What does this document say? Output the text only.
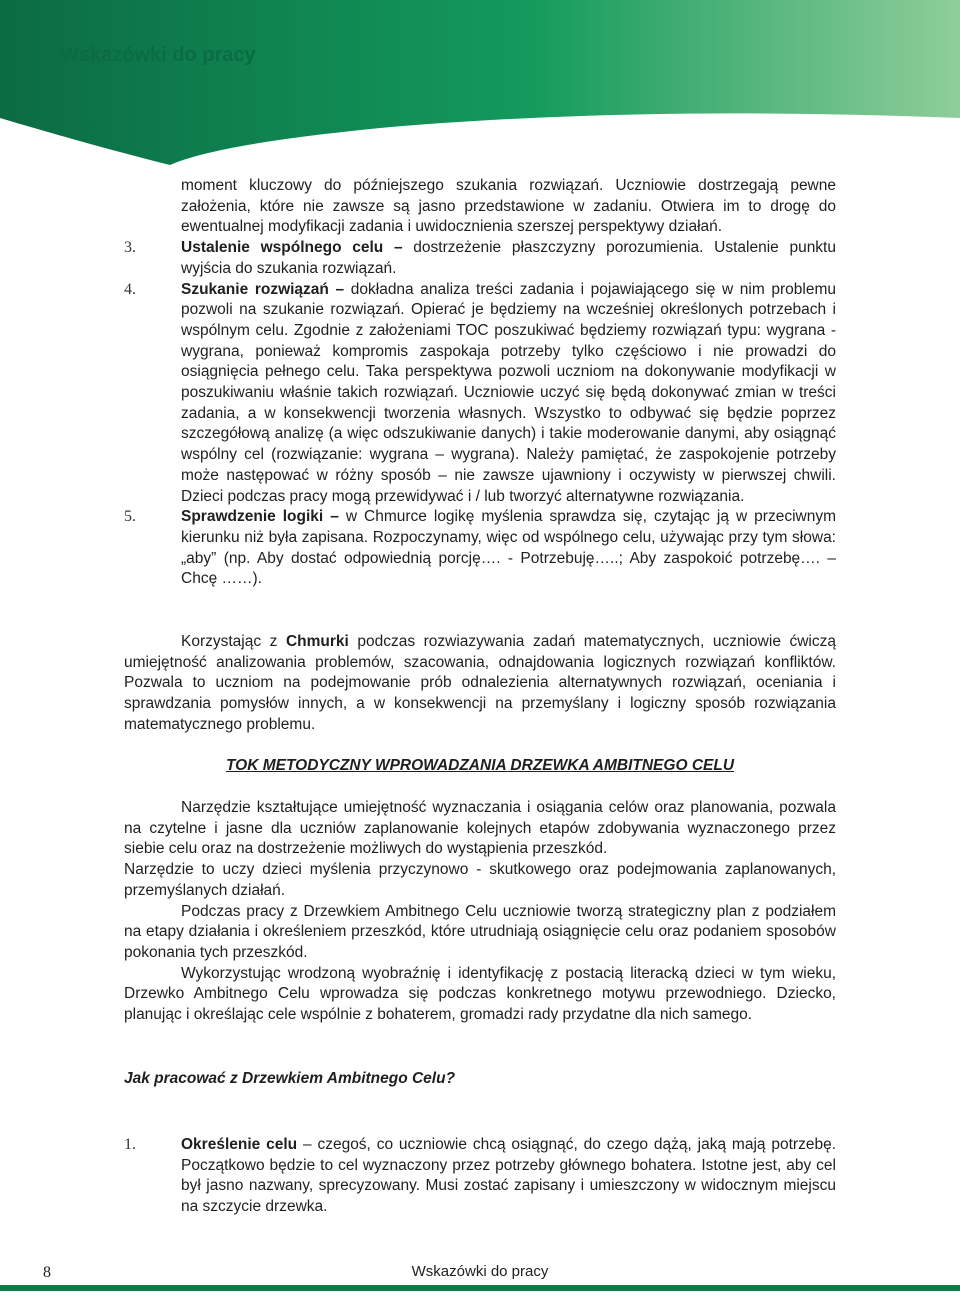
Wskazówki do pracy
moment kluczowy do późniejszego szukania rozwiązań. Uczniowie dostrzegają pewne założenia, które nie zawsze są jasno przedstawione w zadaniu. Otwiera im to drogę do ewentualnej modyfikacji zadania i uwidocznienia szerszej perspektywy działań.
3.	Ustalenie wspólnego celu – dostrzeżenie płaszczyzny porozumienia. Ustalenie punktu wyjścia do szukania rozwiązań.
4.	Szukanie rozwiązań – dokładna analiza treści zadania i pojawiającego się w nim problemu pozwoli na szukanie rozwiązań. Opierać je będziemy na wcześniej określonych potrzebach i wspólnym celu. Zgodnie z założeniami TOC poszukiwać będziemy rozwiązań typu: wygrana - wygrana, ponieważ kompromis zaspokaja potrzeby tylko częściowo i nie prowadzi do osiągnięcia pełnego celu. Taka perspektywa pozwoli uczniom na dokonywanie modyfikacji w poszukiwaniu właśnie takich rozwiązań. Uczniowie uczyć się będą dokonywać zmian w treści zadania, a w konsekwencji tworzenia własnych. Wszystko to odbywać się będzie poprzez szczegółową analizę (a więc odszukiwanie danych) i takie moderowanie danymi, aby osiągnąć wspólny cel (rozwiązanie: wygrana – wygrana). Należy pamiętać, że zaspokojenie potrzeby może następować w różny sposób – nie zawsze ujawniony i oczywisty w pierwszej chwili. Dzieci podczas pracy mogą przewidywać i / lub tworzyć alternatywne rozwiązania.
5.	Sprawdzenie logiki – w Chmurce logikę myślenia sprawdza się, czytając ją w przeciwnym kierunku niż była zapisana. Rozpoczynamy, więc od wspólnego celu, używając przy tym słowa: „aby” (np. Aby dostać odpowiednią porcję…. - Potrzebuję…..; Aby zaspokoić potrzebę…. – Chcę ……).
Korzystając z Chmurki podczas rozwiazywania zadań matematycznych, uczniowie ćwiczą umiejętność analizowania problemów, szacowania, odnajdowania logicznych rozwiązań konfliktów. Pozwala to uczniom na podejmowanie prób odnalezienia alternatywnych rozwiązań, oceniania i sprawdzania pomysłów innych, a w konsekwencji na przemyślany i logiczny sposób rozwiązania matematycznego problemu.
TOK METODYCZNY WPROWADZANIA DRZEWKA AMBITNEGO CELU
Narzędzie kształtujące umiejętność wyznaczania i osiągania celów oraz planowania, pozwala na czytelne i jasne dla uczniów zaplanowanie kolejnych etapów zdobywania wyznaczonego przez siebie celu oraz na dostrzeżenie możliwych do wystąpienia przeszkód.
Narzędzie to uczy dzieci myślenia przyczynowo - skutkowego oraz podejmowania zaplanowanych, przemyślanych działań.
Podczas pracy z Drzewkiem Ambitnego Celu uczniowie tworzą strategiczny plan z podziałem na etapy działania i określeniem przeszkód, które utrudniają osiągnięcie celu oraz podaniem sposobów pokonania tych przeszkód.
Wykorzystując wrodzoną wyobraźnię i identyfikację z postacią literacką dzieci w tym wieku, Drzewko Ambitnego Celu wprowadza się podczas konkretnego motywu przewodniego. Dziecko, planując i określając cele wspólnie z bohaterem, gromadzi rady przydatne dla nich samego.
Jak pracować z Drzewkiem Ambitnego Celu?
1.	Określenie celu – czegoś, co uczniowie chcą osiągnąć, do czego dążą, jaką mają potrzebę. Początkowo będzie to cel wyznaczony przez potrzeby głównego bohatera. Istotne jest, aby cel był jasno nazwany, sprecyzowany. Musi zostać zapisany i umieszczony w widocznym miejscu na szczycie drzewka.
8	Wskazówki do pracy
